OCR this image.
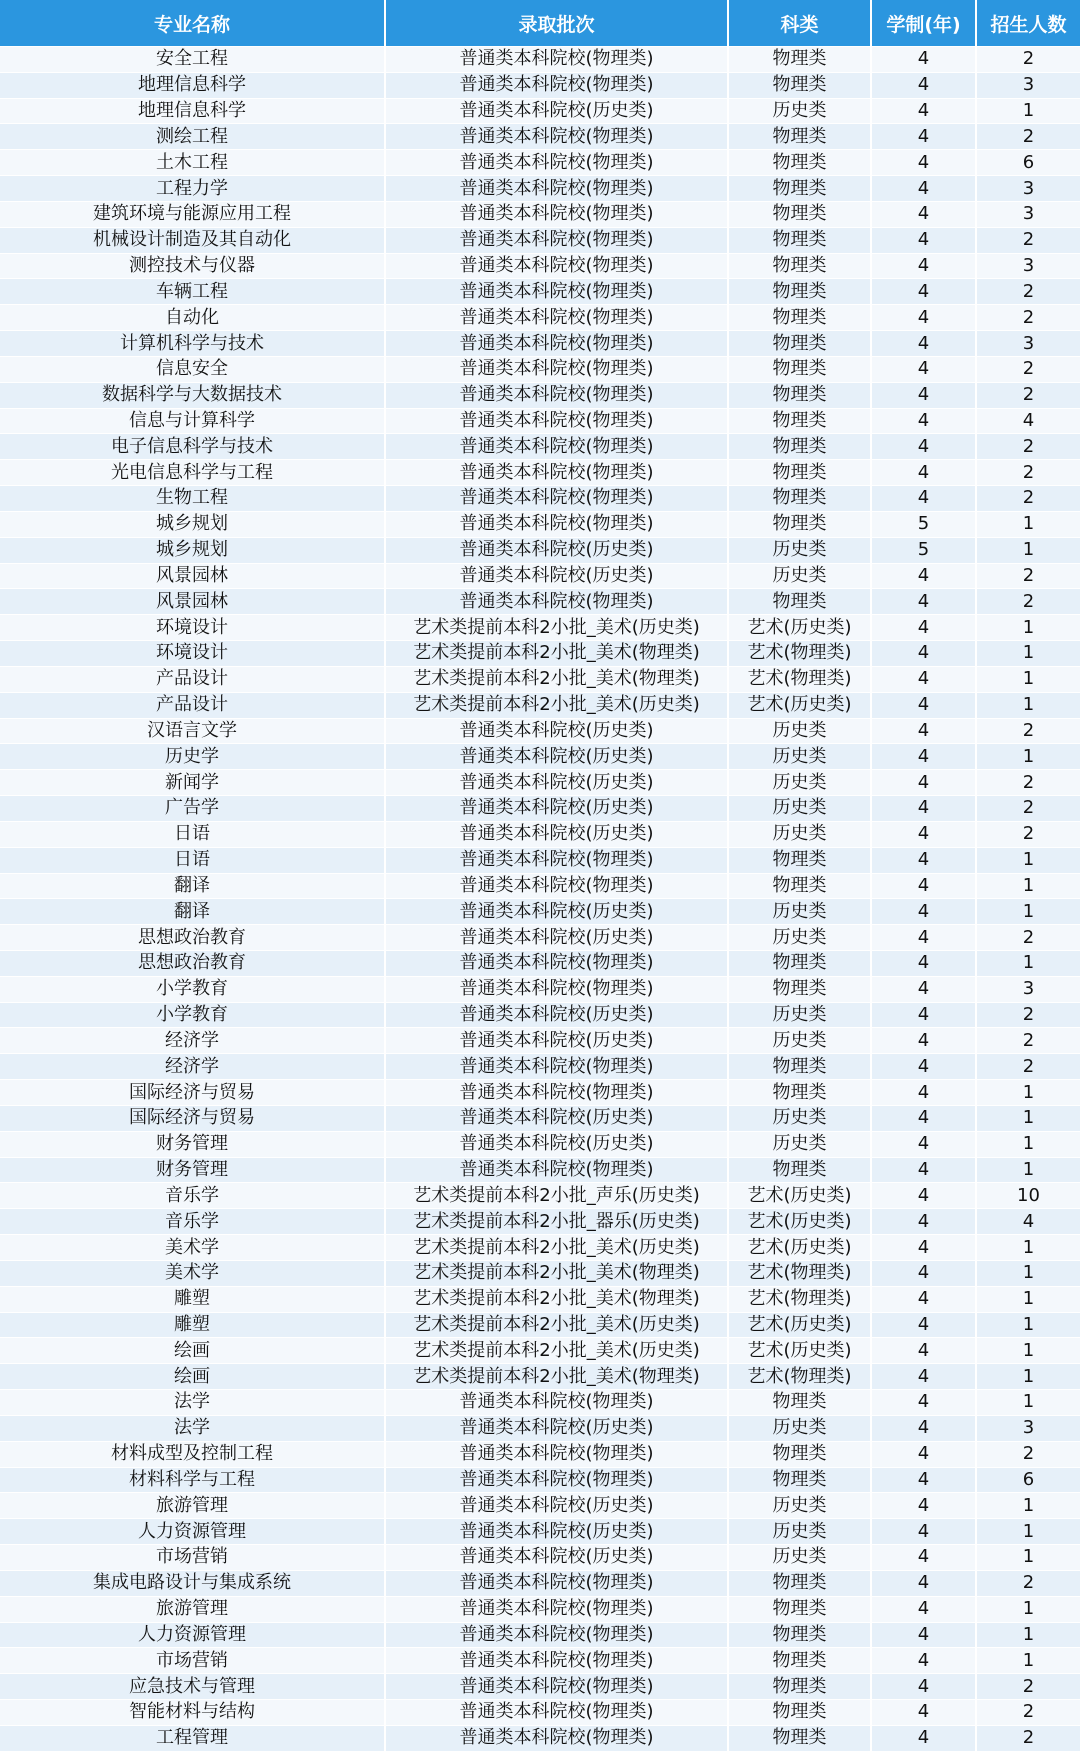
专业名称	录取批次	科类	学制(年)	招生人数
安全工程	普通类本科院校(物理类)	物理类	4	2
地理信息科学	普通类本科院校(物理类)	物理类	4	3
地理信息科学	普通类本科院校(历史类)	历史类	4	1
测绘工程	普通类本科院校(物理类)	物理类	4	2
土木工程	普通类本科院校(物理类)	物理类	4	6
工程力学	普通类本科院校(物理类)	物理类	4	3
建筑环境与能源应用工程	普通类本科院校(物理类)	物理类	4	3
机械设计制造及其自动化	普通类本科院校(物理类)	物理类	4	2
测控技术与仪器	普通类本科院校(物理类)	物理类	4	3
车辆工程	普通类本科院校(物理类)	物理类	4	2
自动化	普通类本科院校(物理类)	物理类	4	2
计算机科学与技术	普通类本科院校(物理类)	物理类	4	3
信息安全	普通类本科院校(物理类)	物理类	4	2
数据科学与大数据技术	普通类本科院校(物理类)	物理类	4	2
信息与计算科学	普通类本科院校(物理类)	物理类	4	4
电子信息科学与技术	普通类本科院校(物理类)	物理类	4	2
光电信息科学与工程	普通类本科院校(物理类)	物理类	4	2
生物工程	普通类本科院校(物理类)	物理类	4	2
城乡规划	普通类本科院校(物理类)	物理类	5	1
城乡规划	普通类本科院校(历史类)	历史类	5	1
风景园林	普通类本科院校(历史类)	历史类	4	2
风景园林	普通类本科院校(物理类)	物理类	4	2
环境设计	艺术类提前本科2小批_美术(历史类)	艺术(历史类)	4	1
环境设计	艺术类提前本科2小批_美术(物理类)	艺术(物理类)	4	1
产品设计	艺术类提前本科2小批_美术(物理类)	艺术(物理类)	4	1
产品设计	艺术类提前本科2小批_美术(历史类)	艺术(历史类)	4	1
汉语言文学	普通类本科院校(历史类)	历史类	4	2
历史学	普通类本科院校(历史类)	历史类	4	1
新闻学	普通类本科院校(历史类)	历史类	4	2
广告学	普通类本科院校(历史类)	历史类	4	2
日语	普通类本科院校(历史类)	历史类	4	2
日语	普通类本科院校(物理类)	物理类	4	1
翻译	普通类本科院校(物理类)	物理类	4	1
翻译	普通类本科院校(历史类)	历史类	4	1
思想政治教育	普通类本科院校(历史类)	历史类	4	2
思想政治教育	普通类本科院校(物理类)	物理类	4	1
小学教育	普通类本科院校(物理类)	物理类	4	3
小学教育	普通类本科院校(历史类)	历史类	4	2
经济学	普通类本科院校(历史类)	历史类	4	2
经济学	普通类本科院校(物理类)	物理类	4	2
国际经济与贸易	普通类本科院校(物理类)	物理类	4	1
国际经济与贸易	普通类本科院校(历史类)	历史类	4	1
财务管理	普通类本科院校(历史类)	历史类	4	1
财务管理	普通类本科院校(物理类)	物理类	4	1
音乐学	艺术类提前本科2小批_声乐(历史类)	艺术(历史类)	4	10
音乐学	艺术类提前本科2小批_器乐(历史类)	艺术(历史类)	4	4
美术学	艺术类提前本科2小批_美术(历史类)	艺术(历史类)	4	1
美术学	艺术类提前本科2小批_美术(物理类)	艺术(物理类)	4	1
雕塑	艺术类提前本科2小批_美术(物理类)	艺术(物理类)	4	1
雕塑	艺术类提前本科2小批_美术(历史类)	艺术(历史类)	4	1
绘画	艺术类提前本科2小批_美术(历史类)	艺术(历史类)	4	1
绘画	艺术类提前本科2小批_美术(物理类)	艺术(物理类)	4	1
法学	普通类本科院校(物理类)	物理类	4	1
法学	普通类本科院校(历史类)	历史类	4	3
材料成型及控制工程	普通类本科院校(物理类)	物理类	4	2
材料科学与工程	普通类本科院校(物理类)	物理类	4	6
旅游管理	普通类本科院校(历史类)	历史类	4	1
人力资源管理	普通类本科院校(历史类)	历史类	4	1
市场营销	普通类本科院校(历史类)	历史类	4	1
集成电路设计与集成系统	普通类本科院校(物理类)	物理类	4	2
旅游管理	普通类本科院校(物理类)	物理类	4	1
人力资源管理	普通类本科院校(物理类)	物理类	4	1
市场营销	普通类本科院校(物理类)	物理类	4	1
应急技术与管理	普通类本科院校(物理类)	物理类	4	2
智能材料与结构	普通类本科院校(物理类)	物理类	4	2
工程管理	普通类本科院校(物理类)	物理类	4	2
